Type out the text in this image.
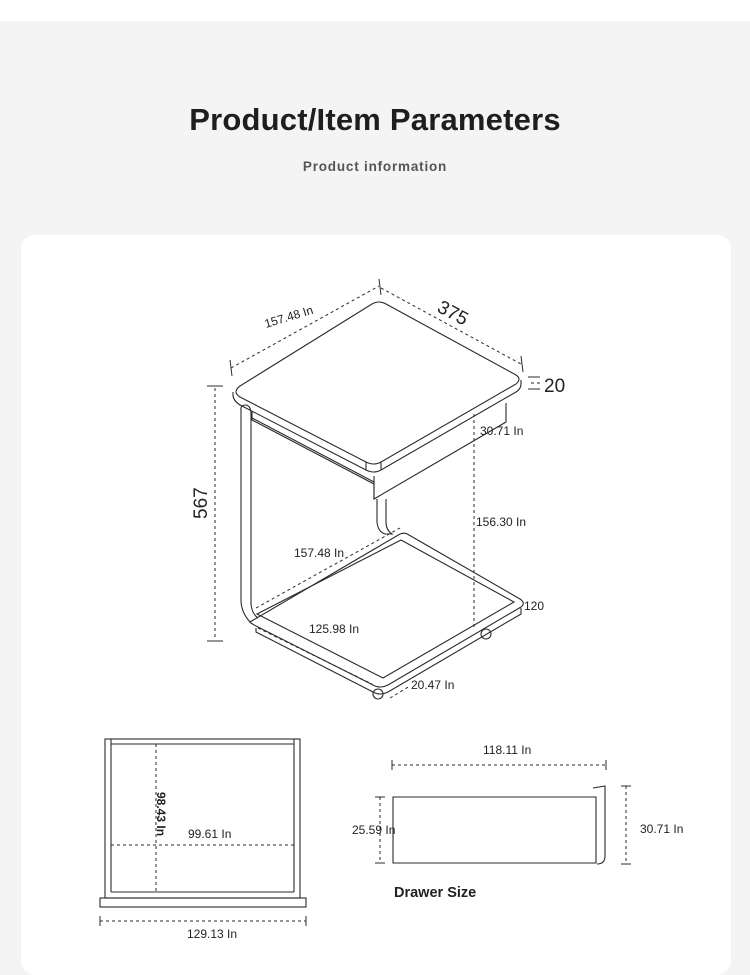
Product/Item Parameters
Product information
157.48 In	375
20
567
30.71 In
156.30 In
157.48 In
125.98 In
120
20.47 In
98.43 In 99.61 In
129.13 In
118.11 In
25.59 In	30.71 In
Drawer Size
